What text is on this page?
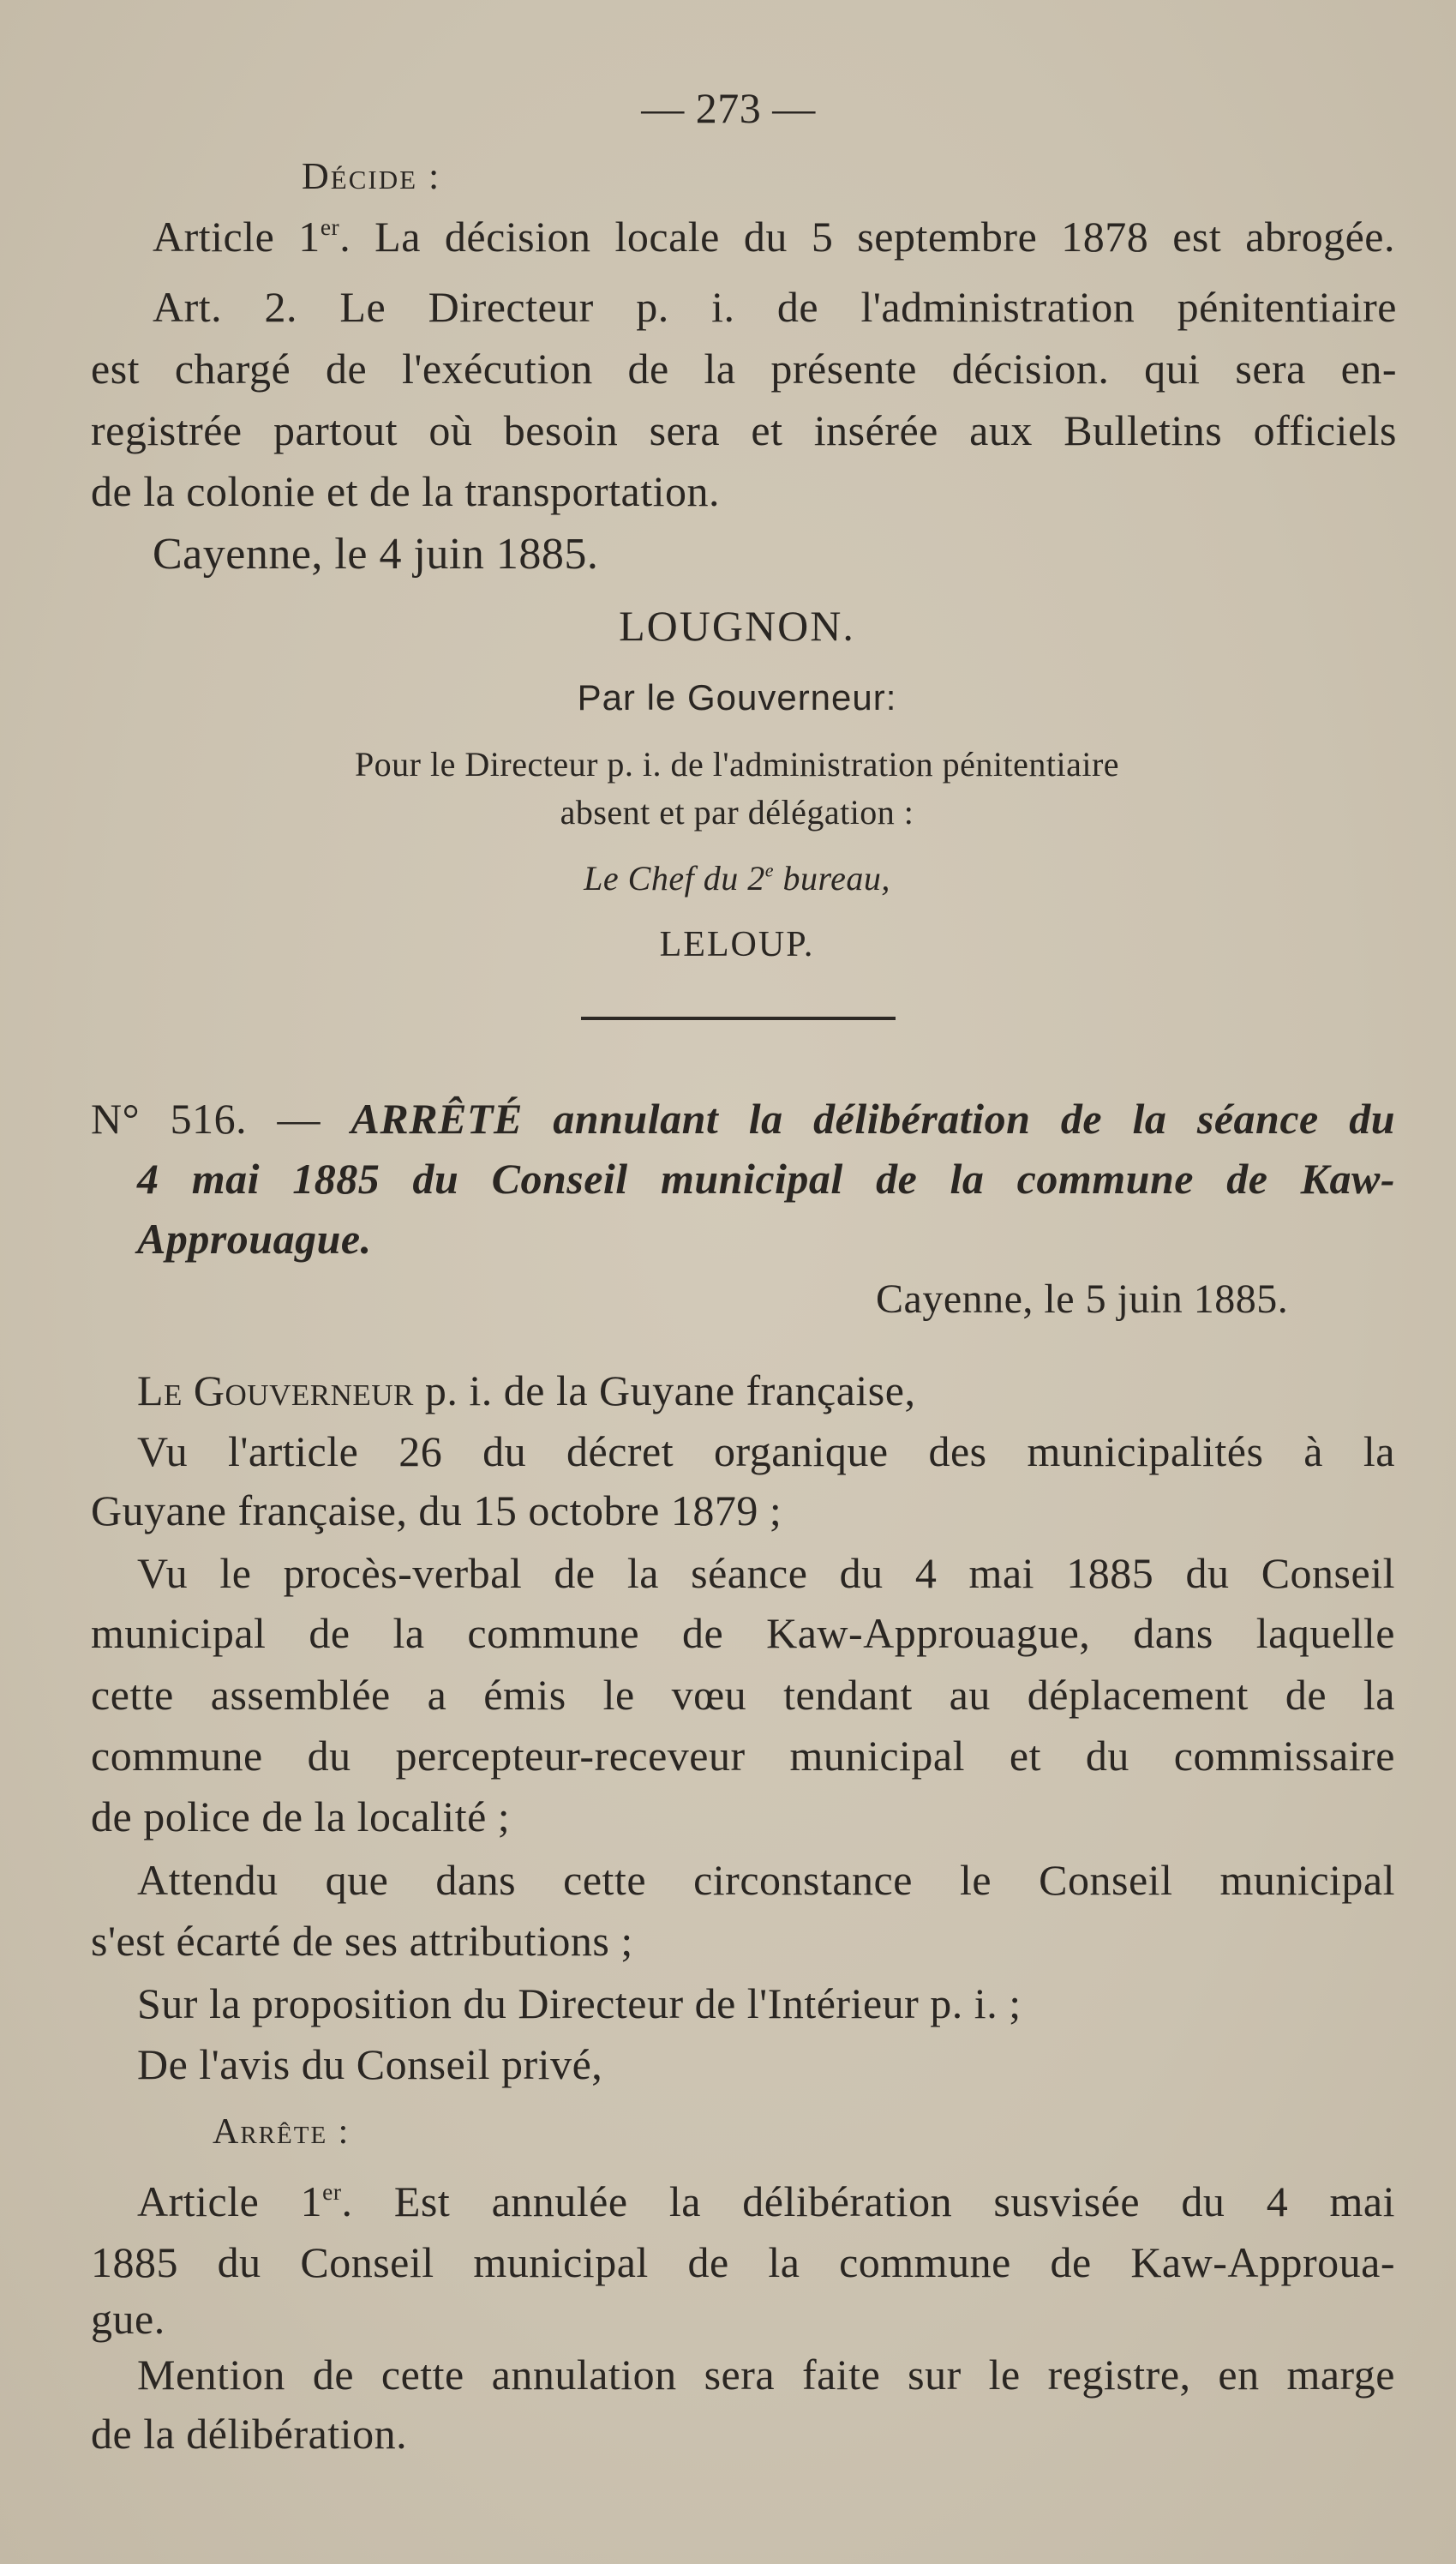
— 273 —
Décide :
Article 1er. La décision locale du 5 septembre 1878 est abrogée.
Art. 2. Le Directeur p. i. de l'administration pénitentiaire
est chargé de l'exécution de la présente décision. qui sera en-
registrée partout où besoin sera et insérée aux Bulletins officiels
de la colonie et de la transportation.
Cayenne, le 4 juin 1885.
LOUGNON.
Par le Gouverneur:
Pour le Directeur p. i. de l'administration pénitentiaire
absent et par délégation :
Le Chef du 2e bureau,
LELOUP.
N° 516. — ARRÊTÉ annulant la délibération de la séance du
4 mai 1885 du Conseil municipal de la commune de Kaw-
Approuague.
Cayenne, le 5 juin 1885.
Le Gouverneur p. i. de la Guyane française,
Vu l'article 26 du décret organique des municipalités à la
Guyane française, du 15 octobre 1879 ;
Vu le procès-verbal de la séance du 4 mai 1885 du Conseil
municipal de la commune de Kaw-Approuague, dans laquelle
cette assemblée a émis le vœu tendant au déplacement de la
commune du percepteur-receveur municipal et du commissaire
de police de la localité ;
Attendu que dans cette circonstance le Conseil municipal
s'est écarté de ses attributions ;
Sur la proposition du Directeur de l'Intérieur p. i. ;
De l'avis du Conseil privé,
Arrête :
Article 1er. Est annulée la délibération susvisée du 4 mai
1885 du Conseil municipal de la commune de Kaw-Approua-
gue.
Mention de cette annulation sera faite sur le registre, en marge
de la délibération.
